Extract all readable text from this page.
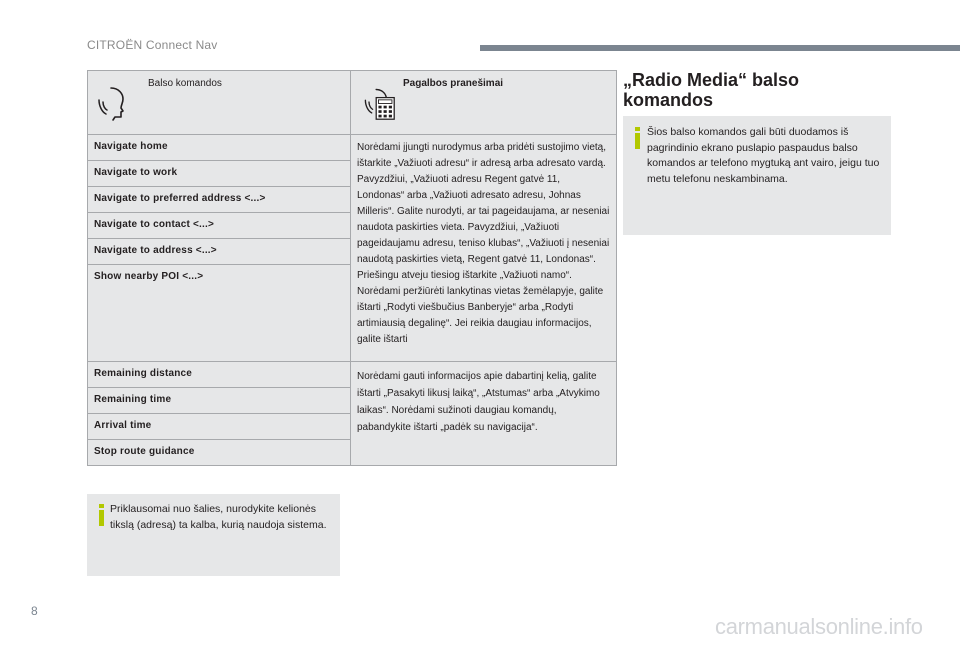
CITROËN Connect Nav
Balso komandos	Pagalbos pranešimai

Navigate home	Norėdami įjungti nurodymus arba pridėti sustojimo vietą, ištarkite „Važiuoti adresu“ ir adresą arba adresato vardą. Pavyzdžiui, „Važiuoti adresu Regent gatvė 11, Londonas“ arba „Važiuoti adresato adresu, Johnas Milleris“. Galite nurodyti, ar tai pageidaujama, ar neseniai naudota paskirties vieta. Pavyzdžiui, „Važiuoti pageidaujamu adresu, teniso klubas“, „Važiuoti į neseniai naudotą paskirties vietą, Regent gatvė 11, Londonas“. Priešingu atveju tiesiog ištarkite „Važiuoti namo“. Norėdami peržiūrėti lankytinas vietas žemėlapyje, galite ištarti „Rodyti viešbučius Banberyje“ arba „Rodyti artimiausią degalinę“. Jei reikia daugiau informacijos, galite ištarti
Navigate to work	
Navigate to preferred address <...>	
Navigate to contact <...>	
Navigate to address <...>	
Show nearby POI <...>	
Remaining distance	Norėdami gauti informacijos apie dabartinį kelią, galite ištarti „Pasakyti likusį laiką“, „Atstumas“ arba „Atvykimo laikas“. Norėdami sužinoti daugiau komandų, pabandykite ištarti „padėk su navigacija“.
Remaining time	
Arrival time	
Stop route guidance	
Priklausomai nuo šalies, nurodykite kelionės tikslą (adresą) ta kalba, kurią naudoja sistema.
„Radio Media“ balso komandos
Šios balso komandos gali būti duodamos iš pagrindinio ekrano puslapio paspaudus balso komandos ar telefono mygtuką ant vairo, jeigu tuo metu telefonu neskambinama.
8
carmanualsonline.info
